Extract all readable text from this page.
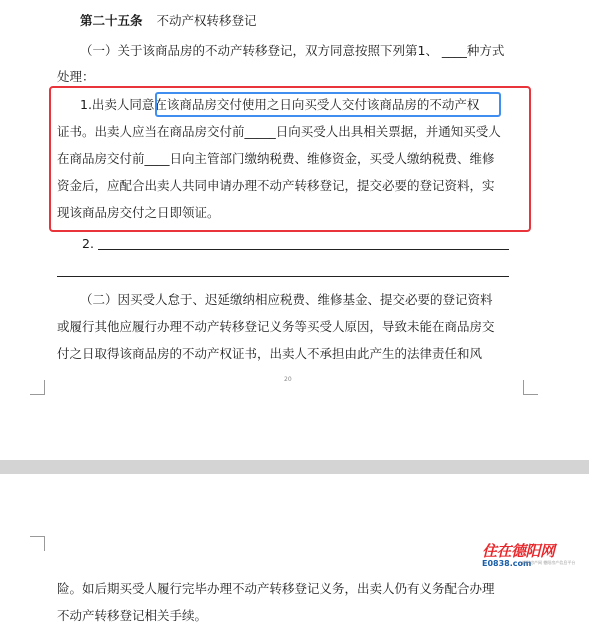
第二十五条 不动产权转移登记
（一）关于该商品房的不动产转移登记，双方同意按照下列第1、 ____种方式
处理：
1.出卖人同意在该商品房交付使用之日向买受人交付该商品房的不动产权
证书。出卖人应当在商品房交付前_____日向买受人出具相关票据，并通知买受人
在商品房交付前____日向主管部门缴纳税费、维修资金，买受人缴纳税费、维修
资金后，应配合出卖人共同申请办理不动产转移登记，提交必要的登记资料，实
现该商品房交付之日即领证。
2.
（二）因买受人怠于、迟延缴纳相应税费、维修基金、提交必要的登记资料
或履行其他应履行办理不动产转移登记义务等买受人原因，导致未能在商品房交
付之日取得该商品房的不动产权证书，出卖人不承担由此产生的法律责任和风
20
险。如后期买受人履行完毕办理不动产转移登记义务，出卖人仍有义务配合办理
不动产转移登记相关手续。
住在德阳网
E0838.com
德阳房产网 德阳房产信息平台
